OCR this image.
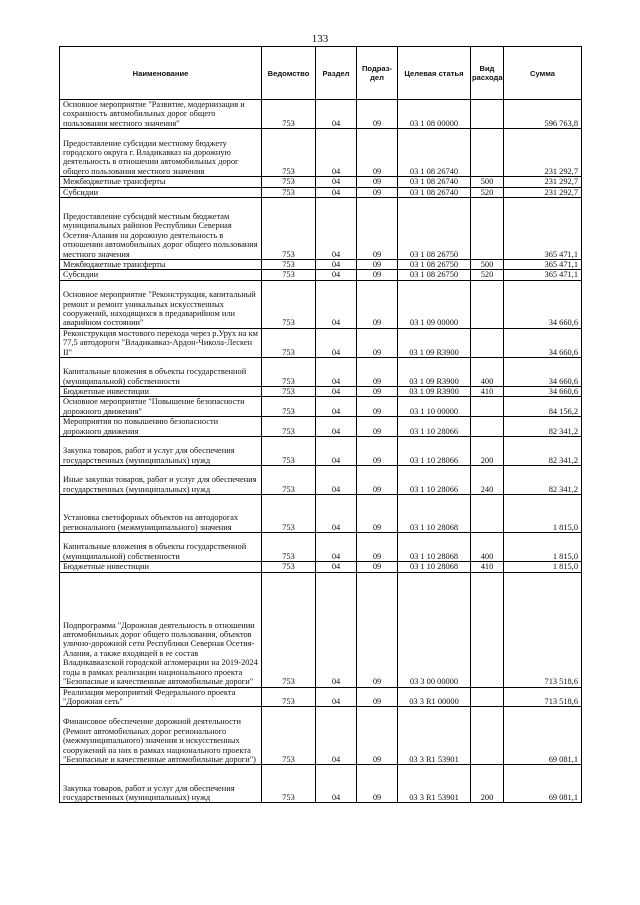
133
Наименование	Ведомство	Раздел	Подраз-дел	Целевая статья	Вид расхода	Сумма
Основное мероприятие "Развитие, модернизация и сохранность автомобильных дорог общего пользования местного значения"	753	04	09	03 1 08 00000		596 763,8
Предоставление субсидии местному бюджету городского округа г. Владикавказ на дорожную деятельность в отношении автомобильных дорог общего пользования местного значения	753	04	09	03 1 08 26740		231 292,7
Межбюджетные трансферты	753	04	09	03 1 08 26740	500	231 292,7
Субсидии	753	04	09	03 1 08 26740	520	231 292,7
Предоставление субсидий местным бюджетам муниципальных районов Республики Северная Осетия-Алания на дорожную деятельность в отношении автомобильных дорог общего пользования местного значения	753	04	09	03 1 08 26750		365 471,1
Межбюджетные трансферты	753	04	09	03 1 08 26750	500	365 471,1
Субсидии	753	04	09	03 1 08 26750	520	365 471,1
Основное мероприятие "Реконструкция, капитальный ремонт и ремонт уникальных искусственных сооружений, находящихся в предаварийном или аварийном состоянии"	753	04	09	03 1 09 00000		34 660,6
Реконструкция мостового перехода через р.Урух на км 77,5 автодороги "Владикавказ-Ардон-Чикола-Лескен II"	753	04	09	03 1 09 R3900		34 660,6
Капитальные вложения в объекты государственной (муниципальной) собственности	753	04	09	03 1 09 R3900	400	34 660,6
Бюджетные инвестиции	753	04	09	03 1 09 R3900	410	34 660,6
Основное мероприятие "Повышение безопасности дорожного движения"	753	04	09	03 1 10 00000		84 156,2
Мероприятия по повышению безопасности дорожного движения	753	04	09	03 1 10 28066		82 341,2
Закупка товаров, работ и услуг для обеспечения государственных (муниципальных) нужд	753	04	09	03 1 10 28066	200	82 341,2
Иные закупки товаров, работ и услуг для обеспечения государственных (муниципальных) нужд	753	04	09	03 1 10 28066	240	82 341,2
Установка светофорных объектов на автодорогах регионального (межмуниципального) значения	753	04	09	03 1 10 28068		1 815,0
Капитальные вложения в объекты государственной (муниципальной) собственности	753	04	09	03 1 10 28068	400	1 815,0
Бюджетные инвестиции	753	04	09	03 1 10 28068	410	1 815,0
Подпрограмма "Дорожная деятельность в отношении автомобильных дорог общего пользования, объектов улично-дорожной сети Республики Северная Осетия-Алания, а также входящей в ее состав Владикавказской городской агломерации на 2019-2024 годы в рамках реализации национального проекта "Безопасные и качественные автомобильные дороги"	753	04	09	03 3 00 00000		713 518,6
Реализация мероприятий Федерального проекта "Дорожная сеть"	753	04	09	03 3 R1 00000		713 518,6
Финансовое обеспечение дорожной деятельности (Ремонт автомобильных дорог регионального (межмуниципального) значения и искусственных сооружений на них в рамках национального проекта "Безопасные и качественные автомобильные дороги")	753	04	09	03 3 R1 53901		69 081,1
Закупка товаров, работ и услуг для обеспечения государственных (муниципальных) нужд	753	04	09	03 3 R1 53901	200	69 081,1
